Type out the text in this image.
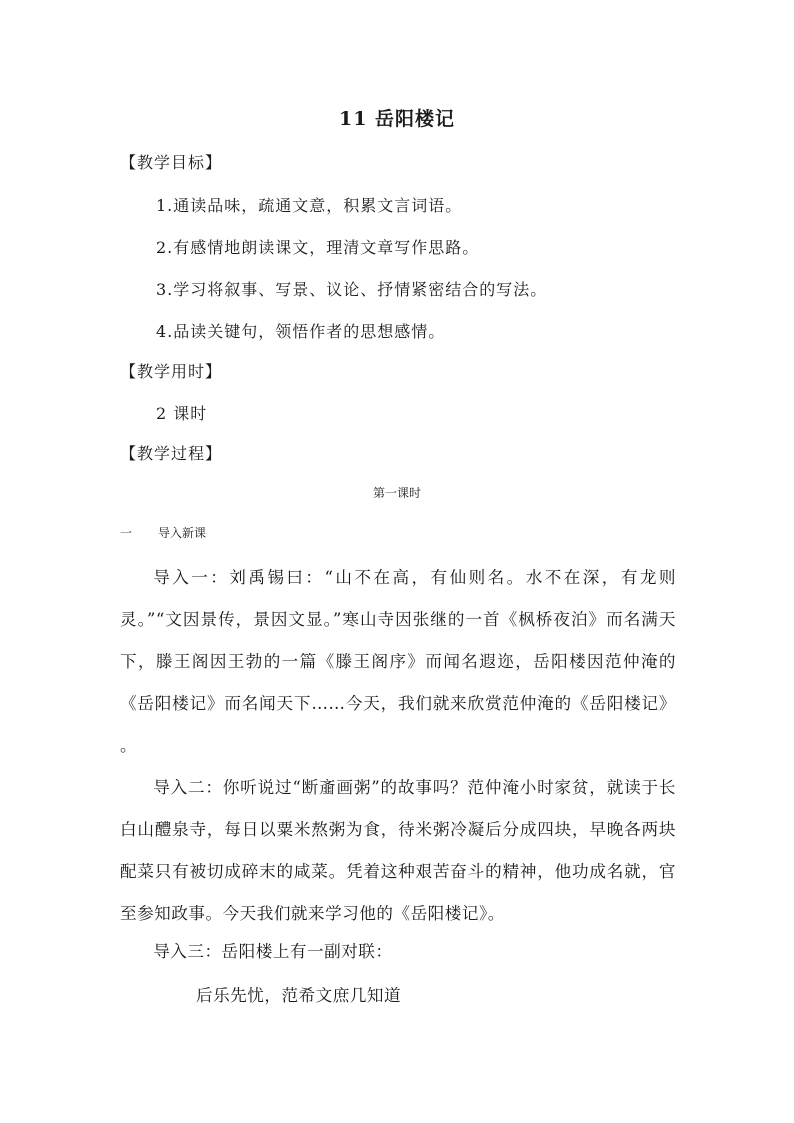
11 岳阳楼记
【教学目标】
1.通读品味，疏通文意，积累文言词语。
2.有感情地朗读课文，理清文章写作思路。
3.学习将叙事、写景、议论、抒情紧密结合的写法。
4.品读关键句，领悟作者的思想感情。
【教学用时】
2 课时
【教学过程】
第一课时
一 导入新课
导入一：刘禹锡曰：“山不在高，有仙则名。水不在深，有龙则灵。”“文因景传，景因文显。”寒山寺因张继的一首《枫桥夜泊》而名满天下，滕王阁因王勃的一篇《滕王阁序》而闻名遐迩，岳阳楼因范仲淹的《岳阳楼记》而名闻天下……今天，我们就来欣赏范仲淹的《岳阳楼记》 。
导入二：你听说过“断齑画粥”的故事吗？范仲淹小时家贫，就读于长白山醴泉寺，每日以粟米熬粥为食，待米粥冷凝后分成四块，早晚各两块配菜只有被切成碎末的咸菜。凭着这种艰苦奋斗的精神，他功成名就，官至参知政事。今天我们就来学习他的《岳阳楼记》。
导入三：岳阳楼上有一副对联：
后乐先忧，范希文庶几知道
